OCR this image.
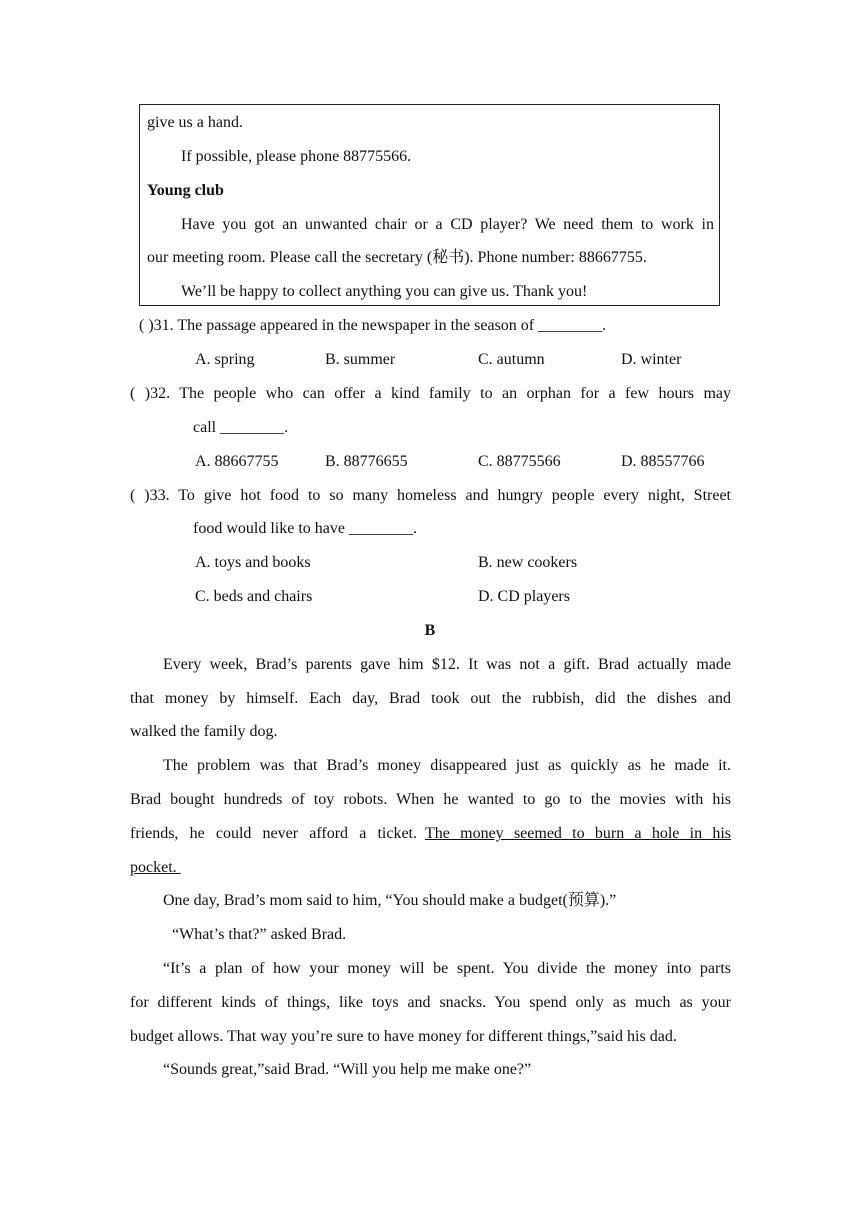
give us a hand.
If possible, please phone 88775566.
Young club
Have you got an unwanted chair or a CD player? We need them to work in
our meeting room. Please call the secretary (秘书). Phone number: 88667755.
We’ll be happy to collect anything you can give us. Thank you!
( )31. The passage appeared in the newspaper in the season of ________.
A. spring	B. summer	C. autumn	D. winter
( )32. The people who can offer a kind family to an orphan for a few hours may
call ________.
A. 88667755	B. 88776655	C. 88775566	D. 88557766
( )33. To give hot food to so many homeless and hungry people every night, Street
food would like to have ________.
A. toys and books	B. new cookers
C. beds and chairs	D. CD players
B
Every week, Brad’s parents gave him $12. It was not a gift. Brad actually made
that money by himself. Each day, Brad took out the rubbish, did the dishes and
walked the family dog.
The problem was that Brad’s money disappeared just as quickly as he made it.
Brad bought hundreds of toy robots. When he wanted to go to the movies with his
friends, he could never afford a ticket. The money seemed to burn a hole in his
pocket.
One day, Brad’s mom said to him, “You should make a budget(预算).”
“What’s that?” asked Brad.
“It’s a plan of how your money will be spent. You divide the money into parts
for different kinds of things, like toys and snacks. You spend only as much as your
budget allows. That way you’re sure to have money for different things,”said his dad.
“Sounds great,”said Brad. “Will you help me make one?”
